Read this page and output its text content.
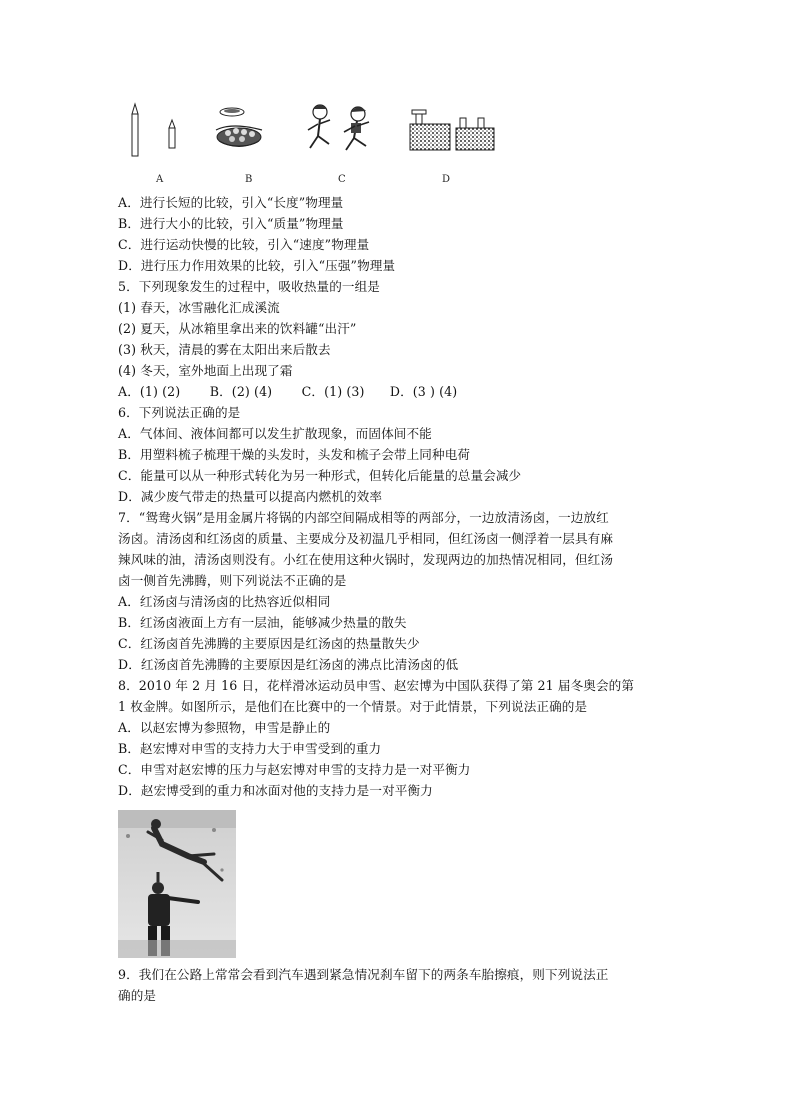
A	B	C	D
A．进行长短的比较，引入“长度”物理量
B．进行大小的比较，引入“质量”物理量
C．进行运动快慢的比较，引入“速度”物理量
D．进行压力作用效果的比较，引入“压强”物理量
5．下列现象发生的过程中，吸收热量的一组是
(1) 春天，冰雪融化汇成溪流
(2) 夏天，从冰箱里拿出来的饮料罐“出汗”
(3) 秋天，清晨的雾在太阳出来后散去
(4) 冬天，室外地面上出现了霜
A．(1) (2)　　 B．(2) (4)　　 C．(1) (3)　　D．(3 ) (4)
6．下列说法正确的是
A．气体间、液体间都可以发生扩散现象，而固体间不能
B．用塑料梳子梳理干燥的头发时，头发和梳子会带上同种电荷
C．能量可以从一种形式转化为另一种形式，但转化后能量的总量会减少
D．减少废气带走的热量可以提高内燃机的效率
7．“鸳鸯火锅”是用金属片将锅的内部空间隔成相等的两部分，一边放清汤卤，一边放红
汤卤。清汤卤和红汤卤的质量、主要成分及初温几乎相同，但红汤卤一侧浮着一层具有麻
辣风味的油，清汤卤则没有。小红在使用这种火锅时，发现两边的加热情况相同，但红汤
卤一侧首先沸腾，则下列说法不正确的是
A．红汤卤与清汤卤的比热容近似相同
B．红汤卤液面上方有一层油，能够减少热量的散失
C．红汤卤首先沸腾的主要原因是红汤卤的热量散失少
D．红汤卤首先沸腾的主要原因是红汤卤的沸点比清汤卤的低
8．2010 年 2 月 16 日，花样滑冰运动员申雪、赵宏博为中国队获得了第 21 届冬奥会的第
1 枚金牌。如图所示，是他们在比赛中的一个情景。对于此情景，下列说法正确的是
A．以赵宏博为参照物，申雪是静止的
B．赵宏博对申雪的支持力大于申雪受到的重力
C．申雪对赵宏博的压力与赵宏博对申雪的支持力是一对平衡力
D．赵宏博受到的重力和冰面对他的支持力是一对平衡力
9．我们在公路上常常会看到汽车遇到紧急情况刹车留下的两条车胎擦痕，则下列说法正
确的是
